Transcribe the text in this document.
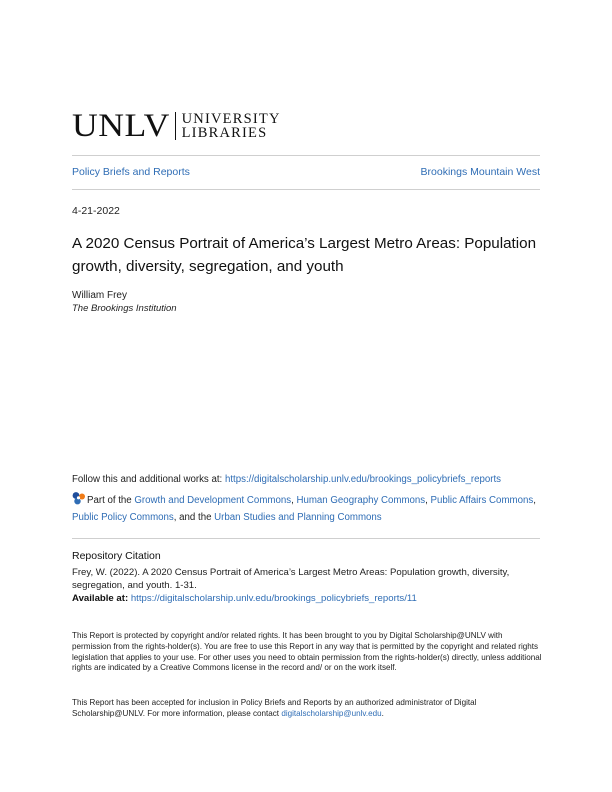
UNLV UNIVERSITY
LIBRARIES
Policy Briefs and Reports	Brookings Mountain West
4-21-2022
A 2020 Census Portrait of America’s Largest Metro Areas: Population growth, diversity, segregation, and youth
William Frey
The Brookings Institution
Follow this and additional works at: https://digitalscholarship.unlv.edu/brookings_policybriefs_reports
Part of the Growth and Development Commons, Human Geography Commons, Public Affairs Commons, Public Policy Commons, and the Urban Studies and Planning Commons
Repository Citation
Frey, W. (2022). A 2020 Census Portrait of America’s Largest Metro Areas: Population growth, diversity, segregation, and youth. 1-31.
Available at: https://digitalscholarship.unlv.edu/brookings_policybriefs_reports/11
This Report is protected by copyright and/or related rights. It has been brought to you by Digital Scholarship@UNLV with permission from the rights-holder(s). You are free to use this Report in any way that is permitted by the copyright and related rights legislation that applies to your use. For other uses you need to obtain permission from the rights-holder(s) directly, unless additional rights are indicated by a Creative Commons license in the record and/ or on the work itself.
This Report has been accepted for inclusion in Policy Briefs and Reports by an authorized administrator of Digital Scholarship@UNLV. For more information, please contact digitalscholarship@unlv.edu.
